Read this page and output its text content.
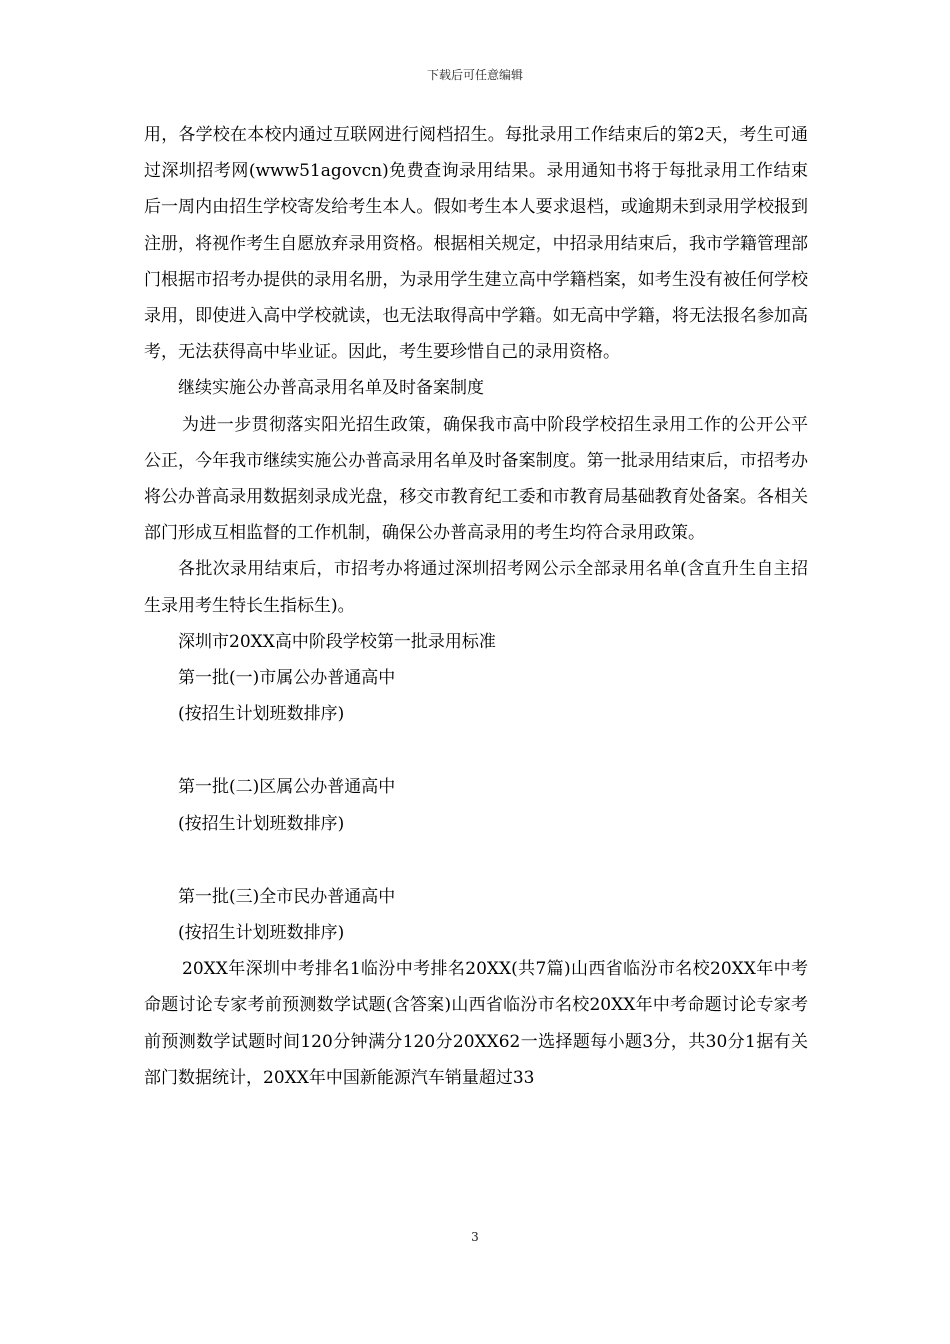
下载后可任意编辑

用，各学校在本校内通过互联网进行阅档招生。每批录用工作结束后的第2天，考生可通过深圳招考网(www51agovcn)免费查询录用结果。录用通知书将于每批录用工作结束后一周内由招生学校寄发给考生本人。假如考生本人要求退档，或逾期未到录用学校报到注册，将视作考生自愿放弃录用资格。根据相关规定，中招录用结束后，我市学籍管理部门根据市招考办提供的录用名册，为录用学生建立高中学籍档案，如考生没有被任何学校录用，即使进入高中学校就读，也无法取得高中学籍。如无高中学籍，将无法报名参加高考，无法获得高中毕业证。因此，考生要珍惜自己的录用资格。

继续实施公办普高录用名单及时备案制度

为进一步贯彻落实阳光招生政策，确保我市高中阶段学校招生录用工作的公开公平公正，今年我市继续实施公办普高录用名单及时备案制度。第一批录用结束后，市招考办将公办普高录用数据刻录成光盘，移交市教育纪工委和市教育局基础教育处备案。各相关部门形成互相监督的工作机制，确保公办普高录用的考生均符合录用政策。

各批次录用结束后，市招考办将通过深圳招考网公示全部录用名单(含直升生自主招生录用考生特长生指标生)。

深圳市20XX高中阶段学校第一批录用标准

第一批(一)市属公办普通高中

(按招生计划班数排序)

第一批(二)区属公办普通高中

(按招生计划班数排序)

第一批(三)全市民办普通高中

(按招生计划班数排序)

20XX年深圳中考排名1临汾中考排名20XX(共7篇)山西省临汾市名校20XX年中考命题讨论专家考前预测数学试题(含答案)山西省临汾市名校20XX年中考命题讨论专家考前预测数学试题时间120分钟满分120分20XX62一选择题每小题3分，共30分1据有关部门数据统计，20XX年中国新能源汽车销量超过33

3
